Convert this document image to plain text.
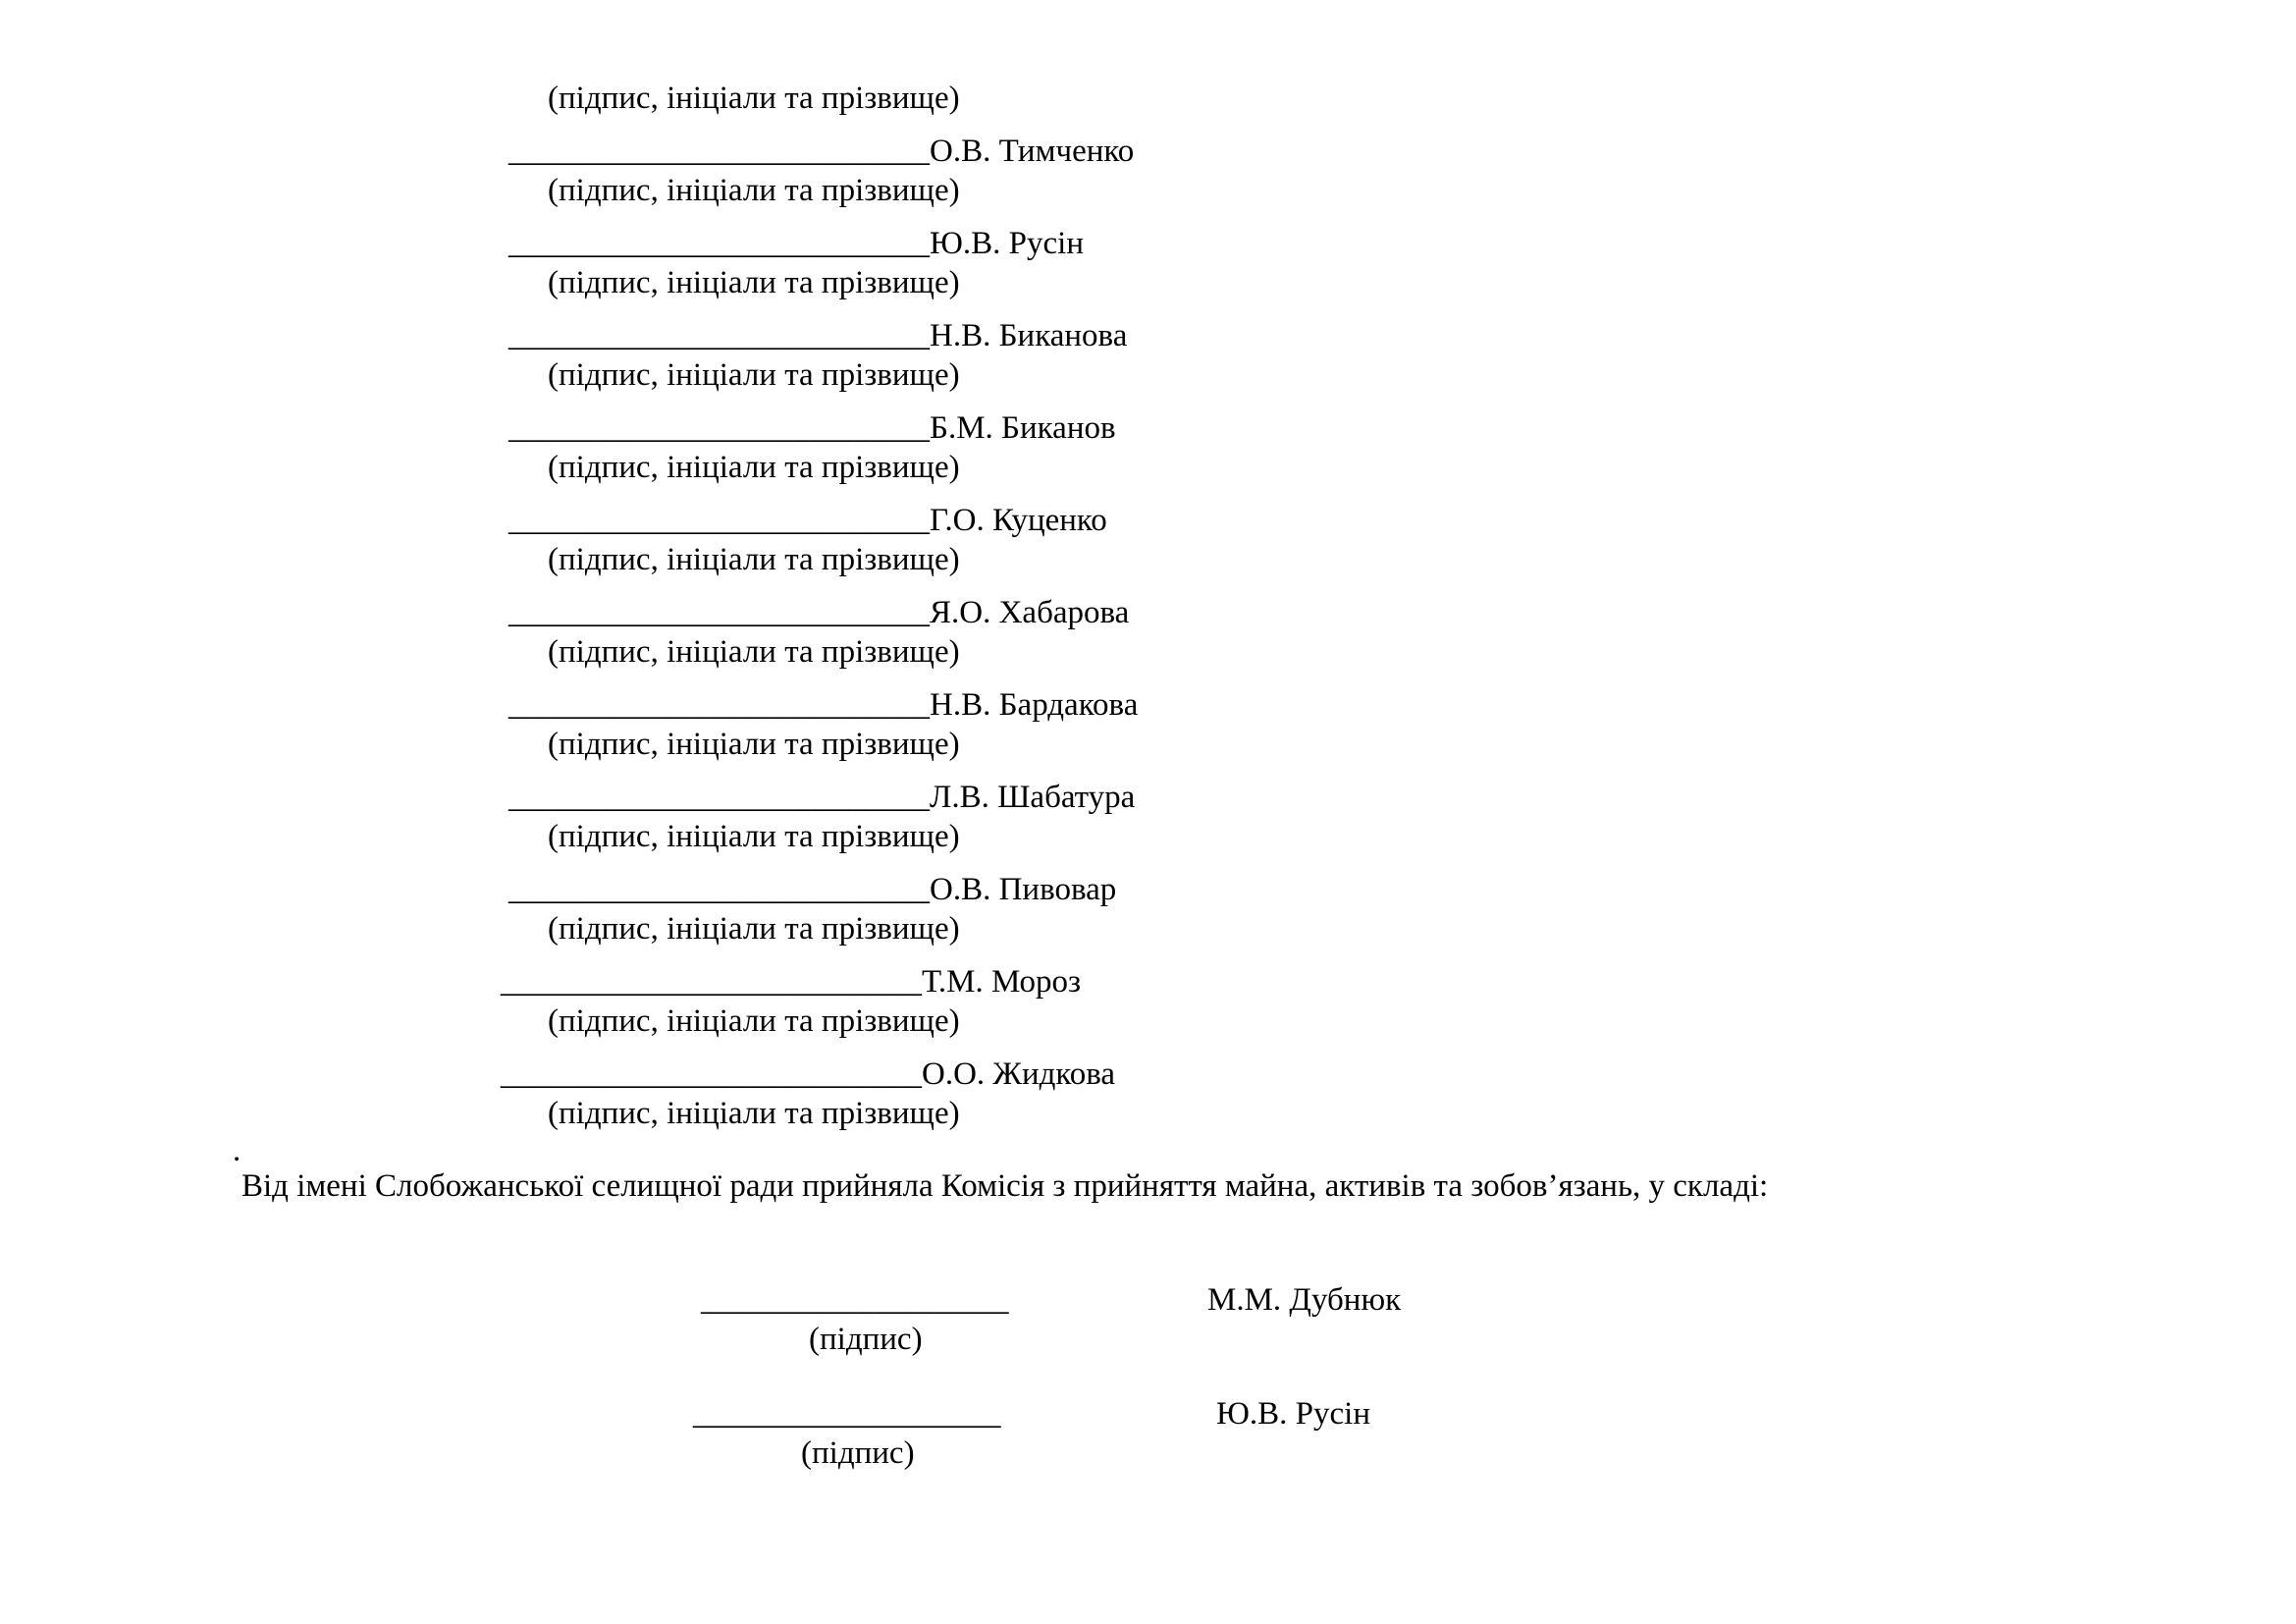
(підпис, ініціали та прізвище)
__________________________ О.В. Тимченко
(підпис, ініціали та прізвище)
__________________________ Ю.В. Русін
(підпис, ініціали та прізвище)
__________________________ Н.В. Биканова
(підпис, ініціали та прізвище)
__________________________ Б.М. Биканов
(підпис, ініціали та прізвище)
__________________________ Г.О. Куценко
(підпис, ініціали та прізвище)
__________________________ Я.О. Хабарова
(підпис, ініціали та прізвище)
__________________________ Н.В. Бардакова
(підпис, ініціали та прізвище)
__________________________ Л.В. Шабатура
(підпис, ініціали та прізвище)
__________________________ О.В. Пивовар
(підпис, ініціали та прізвище)
__________________________ Т.М. Мороз
(підпис, ініціали та прізвище)
__________________________ О.О. Жидкова
(підпис, ініціали та прізвище)
.
Від імені Слобожанської селищної ради прийняла Комісія з прийняття майна, активів та зобов’язань, у складі:
___________________	М.М. Дубнюк
(підпис)
___________________	Ю.В. Русін
(підпис)
